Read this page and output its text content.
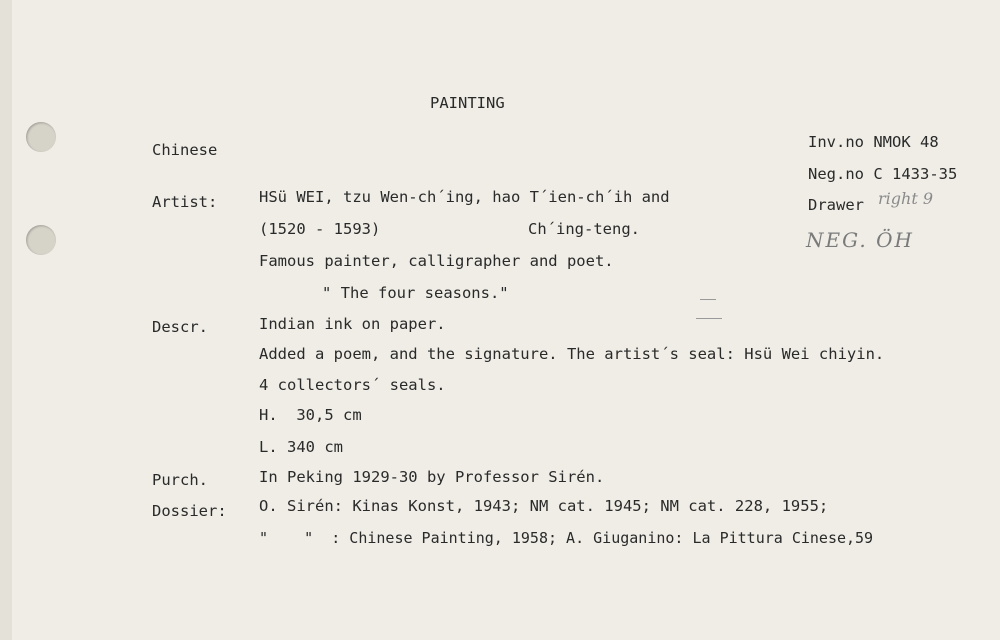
PAINTING
Chinese	Inv.no NMOK 48
Neg.no C 1433-35
Drawer right 9
NEG. ÖH
Artist:	HSü WEI, tzu Wen-ch´ing, hao T´ien-ch´ih and
(1520 - 1593)	Ch´ing-teng.
Famous painter, calligrapher and poet.
" The four seasons."
Descr.	Indian ink on paper.
Added a poem, and the signature. The artist´s seal: Hsü Wei chiyin.
4 collectors´ seals.
H.  30,5 cm
L. 340 cm
Purch.	In Peking 1929-30 by Professor Sirén.
Dossier: O. Sirén: Kinas Konst, 1943; NM cat. 1945; NM cat. 228, 1955;
"    "  : Chinese Painting, 1958; A. Giuganino: La Pittura Cinese,59
